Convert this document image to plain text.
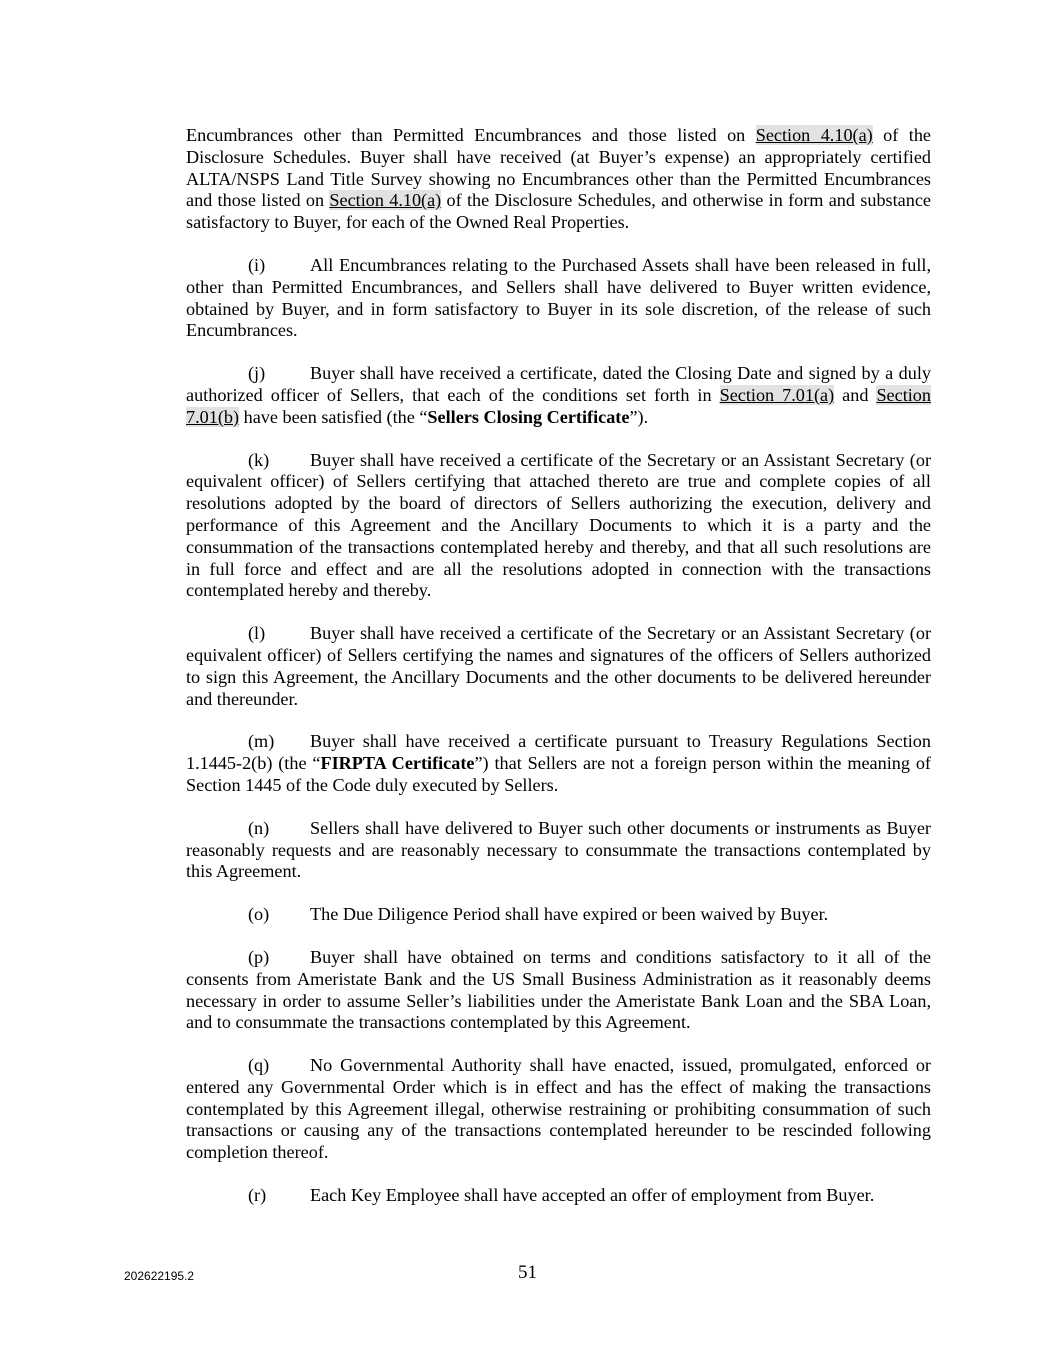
Encumbrances other than Permitted Encumbrances and those listed on Section 4.10(a) of the Disclosure Schedules. Buyer shall have received (at Buyer’s expense) an appropriately certified ALTA/NSPS Land Title Survey showing no Encumbrances other than the Permitted Encumbrances and those listed on Section 4.10(a) of the Disclosure Schedules, and otherwise in form and substance satisfactory to Buyer, for each of the Owned Real Properties.

(i) All Encumbrances relating to the Purchased Assets shall have been released in full, other than Permitted Encumbrances, and Sellers shall have delivered to Buyer written evidence, obtained by Buyer, and in form satisfactory to Buyer in its sole discretion, of the release of such Encumbrances.

(j) Buyer shall have received a certificate, dated the Closing Date and signed by a duly authorized officer of Sellers, that each of the conditions set forth in Section 7.01(a) and Section 7.01(b) have been satisfied (the “Sellers Closing Certificate”).

(k) Buyer shall have received a certificate of the Secretary or an Assistant Secretary (or equivalent officer) of Sellers certifying that attached thereto are true and complete copies of all resolutions adopted by the board of directors of Sellers authorizing the execution, delivery and performance of this Agreement and the Ancillary Documents to which it is a party and the consummation of the transactions contemplated hereby and thereby, and that all such resolutions are in full force and effect and are all the resolutions adopted in connection with the transactions contemplated hereby and thereby.

(l) Buyer shall have received a certificate of the Secretary or an Assistant Secretary (or equivalent officer) of Sellers certifying the names and signatures of the officers of Sellers authorized to sign this Agreement, the Ancillary Documents and the other documents to be delivered hereunder and thereunder.

(m) Buyer shall have received a certificate pursuant to Treasury Regulations Section 1.1445-2(b) (the “FIRPTA Certificate”) that Sellers are not a foreign person within the meaning of Section 1445 of the Code duly executed by Sellers.

(n) Sellers shall have delivered to Buyer such other documents or instruments as Buyer reasonably requests and are reasonably necessary to consummate the transactions contemplated by this Agreement.

(o) The Due Diligence Period shall have expired or been waived by Buyer.

(p) Buyer shall have obtained on terms and conditions satisfactory to it all of the consents from Ameristate Bank and the US Small Business Administration as it reasonably deems necessary in order to assume Seller’s liabilities under the Ameristate Bank Loan and the SBA Loan, and to consummate the transactions contemplated by this Agreement.

(q) No Governmental Authority shall have enacted, issued, promulgated, enforced or entered any Governmental Order which is in effect and has the effect of making the transactions contemplated by this Agreement illegal, otherwise restraining or prohibiting consummation of such transactions or causing any of the transactions contemplated hereunder to be rescinded following completion thereof.

(r) Each Key Employee shall have accepted an offer of employment from Buyer.

202622195.2	51
